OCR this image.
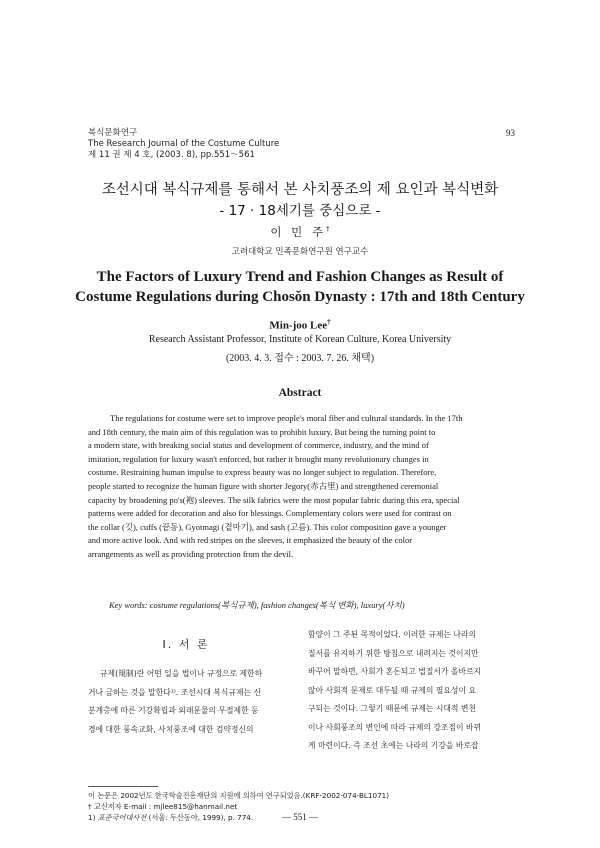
복식문화연구
The Research Journal of the Costume Culture
제 11 권 제 4 호, (2003. 8), pp.551～561
93
조선시대 복식규제를 통해서 본 사치풍조의 제 요인과 복식변화
- 17 · 18세기를 중심으로 -
이 민 주†
고려대학교 민족문화연구원 연구교수
The Factors of Luxury Trend and Fashion Changes as Result of
Costume Regulations during Chosŏn Dynasty : 17th and 18th Century
Min-joo Lee†
Research Assistant Professor, Institute of Korean Culture, Korea University
(2003. 4. 3. 접수 : 2003. 7. 26. 채택)
Abstract
The regulations for costume were set to improve people's moral fiber and cultural standards. In the 17th
and 18th century, the main aim of this regulation was to prohibit luxury. But being the turning point to
a modern state, with breaking social status and development of commerce, industry, and the mind of
imitation, regulation for luxury wasn't enforced, but rather it brought many revolutionary changes in
costume. Restraining human impulse to express beauty was no longer subject to regulation. Therefore,
people started to recognize the human figure with shorter Jegory(赤古里) and strengthened ceremonial
capacity by broadening po's(袍) sleeves. The silk fabrics were the most popular fabric during this era, special
patterns were added for decoration and also for blessings. Complementary colors were used for contrast on
the collar (깃), cuffs (끝동), Gyotmagi (곁마기), and sash (고름). This color composition gave a younger
and more active look. And with red stripes on the sleeves, it emphasized the beauty of the color
arrangements as well as providing protection from the devil.
Key words: costume regulations(복식규제), fashion changes(복식 변화), luxury(사치)
I. 서 론
규제(規制)란 어떤 일을 법이나 규정으로 제한하
거나 금하는 것을 말한다¹⁾. 조선시대 복식규제는 신
분계층에 따른 기강확립과 외래문물의 무절제한 동
경에 대한 풍속교화, 사치풍조에 대한 검약정신의
함양이 그 주된 목적이었다. 이러한 규제는 나라의
질서를 유지하기 위한 방침으로 내려지는 것이지만
바꾸어 말하면, 사회가 혼돈되고 법질서가 올바르지
않아 사회적 문제로 대두될 때 규제의 필요성이 요
구되는 것이다. 그렇기 때문에 규제는 시대적 변천
이나 사회풍조의 변인에 따라 규제의 강조점이 바뀌
게 마련이다. 즉 조선 초에는 나라의 기강을 바로잡
이 논문은 2002년도 한국학술진흥재단의 지원에 의하여 연구되었음.(KRF-2002-074-BL1071)
† 교신저자 E-mail : mjlee815@hanmail.net
1) 표준국어대사전 (서울: 두산동아, 1999), p. 774.	— 551 —
